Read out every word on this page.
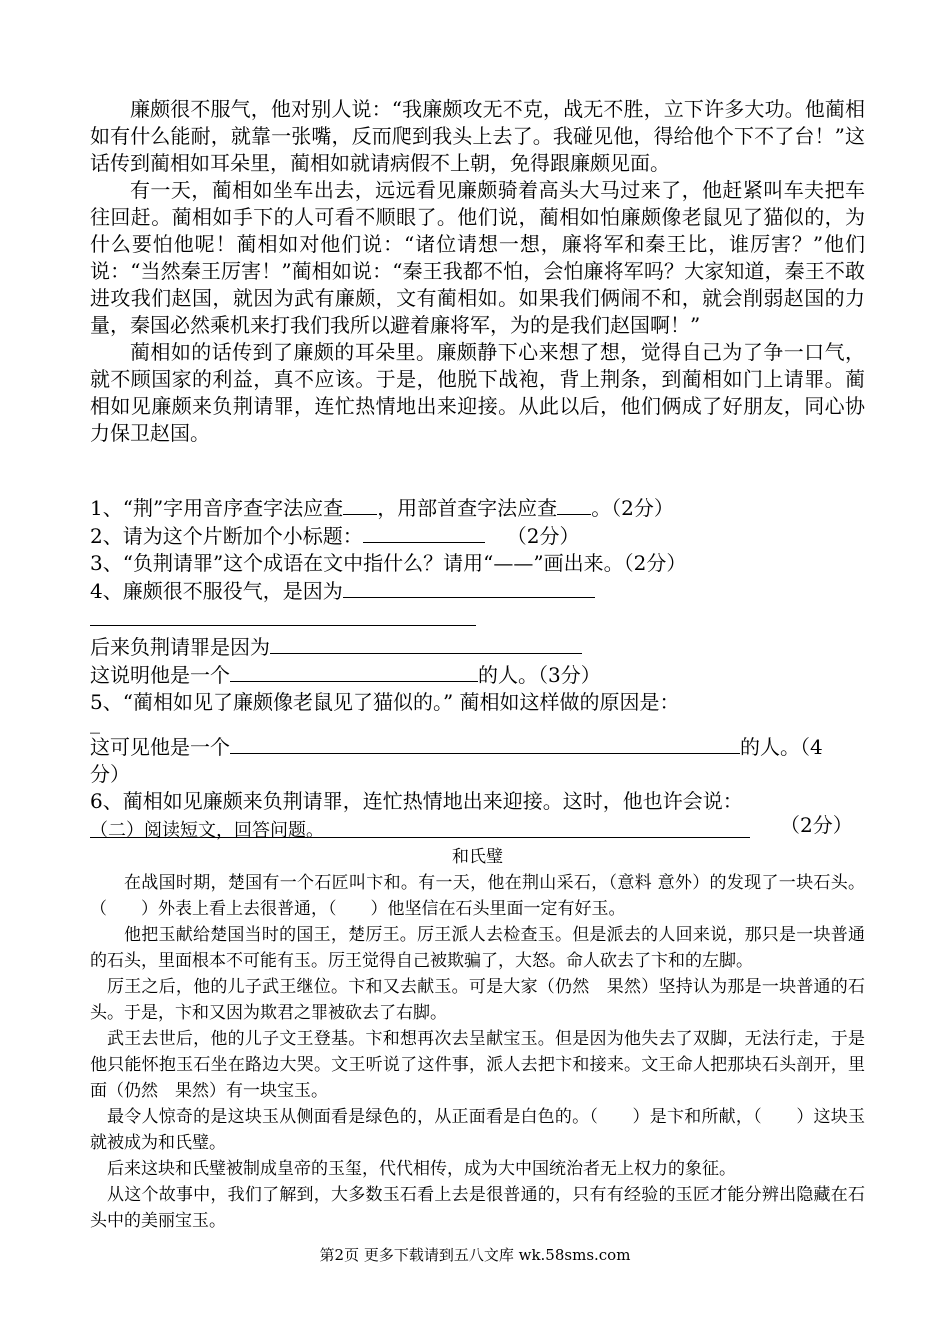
廉颇很不服气，他对别人说：“我廉颇攻无不克，战无不胜，立下许多大功。他蔺相如有什么能耐，就靠一张嘴，反而爬到我头上去了。我碰见他，得给他个下不了台！”这话传到蔺相如耳朵里，蔺相如就请病假不上朝，免得跟廉颇见面。

有一天，蔺相如坐车出去，远远看见廉颇骑着高头大马过来了，他赶紧叫车夫把车往回赶。蔺相如手下的人可看不顺眼了。他们说，蔺相如怕廉颇像老鼠见了猫似的，为什么要怕他呢！蔺相如对他们说：“诸位请想一想，廉将军和秦王比，谁厉害？”他们说：“当然秦王厉害！”蔺相如说：“秦王我都不怕，会怕廉将军吗？大家知道，秦王不敢进攻我们赵国，就因为武有廉颇，文有蔺相如。如果我们俩闹不和，就会削弱赵国的力量，秦国必然乘机来打我们我所以避着廉将军，为的是我们赵国啊！”

蔺相如的话传到了廉颇的耳朵里。廉颇静下心来想了想，觉得自己为了争一口气，就不顾国家的利益，真不应该。于是，他脱下战袍，背上荆条，到蔺相如门上请罪。蔺相如见廉颇来负荆请罪，连忙热情地出来迎接。从此以后，他们俩成了好朋友，同心协力保卫赵国。

1、“荆”字用音序查字法应查 ，用部首查字法应查 。（2分）

2、请为这个片断加个小标题：	（2分）

3、“负荆请罪”这个成语在文中指什么？请用“——”画出来。（2分）

4、廉颇很不服役气，是因为

后来负荆请罪是因为

这说明他是一个	的人。（3分）

5、“蔺相如见了廉颇像老鼠见了猫似的。” 蔺相如这样做的原因是：

_

这可见他是一个	的人。（4

分）

6、蔺相如见廉颇来负荆请罪，连忙热情地出来迎接。这时，他也许会说：

（2分）

（二）阅读短文，回答问题。

和氏璧

在战国时期，楚国有一个石匠叫卞和。有一天，他在荆山采石，（意料 意外）的发现了一块石头。（　　）外表上看上去很普通，（　　）他坚信在石头里面一定有好玉。

他把玉献给楚国当时的国王，楚厉王。厉王派人去检查玉。但是派去的人回来说，那只是一块普通的石头，里面根本不可能有玉。厉王觉得自己被欺骗了，大怒。命人砍去了卞和的左脚。

厉王之后，他的儿子武王继位。卞和又去献玉。可是大家（仍然　果然）坚持认为那是一块普通的石头。于是，卞和又因为欺君之罪被砍去了右脚。

武王去世后，他的儿子文王登基。卞和想再次去呈献宝玉。但是因为他失去了双脚，无法行走，于是他只能怀抱玉石坐在路边大哭。文王听说了这件事，派人去把卞和接来。文王命人把那块石头剖开，里面（仍然　果然）有一块宝玉。

最令人惊奇的是这块玉从侧面看是绿色的，从正面看是白色的。（　　）是卞和所献，（　　）这块玉就被成为和氏璧。

后来这块和氏璧被制成皇帝的玉玺，代代相传，成为大中国统治者无上权力的象征。

从这个故事中，我们了解到，大多数玉石看上去是很普通的，只有有经验的玉匠才能分辨出隐藏在石头中的美丽宝玉。

第2页 更多下载请到五八文库 wk.58sms.com
